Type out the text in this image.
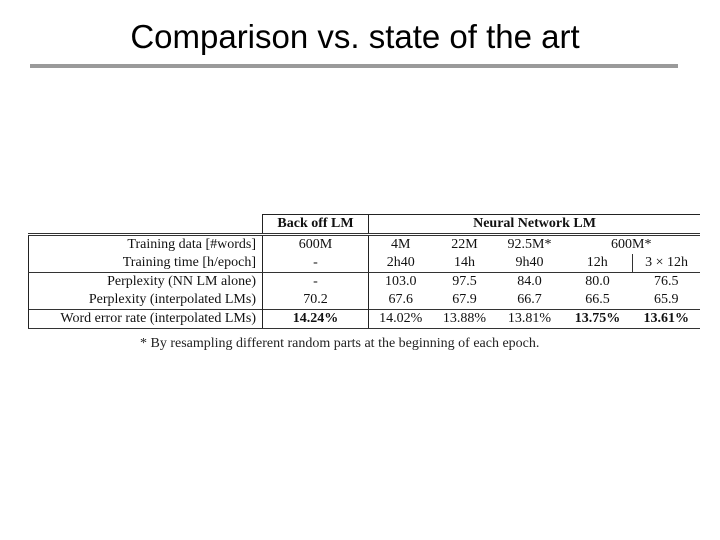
Comparison vs. state of the art
	Back off LM	Neural Network LM				
Training data [#words]	600M	4M	22M	92.5M*	600M*	
Training time [h/epoch]	-	2h40	14h	9h40	12h	3 × 12h
Perplexity (NN LM alone)	-	103.0	97.5	84.0	80.0	76.5
Perplexity (interpolated LMs)	70.2	67.6	67.9	66.7	66.5	65.9
Word error rate (interpolated LMs)	14.24%	14.02%	13.88%	13.81%	13.75%	13.61%
* By resampling different random parts at the beginning of each epoch.
